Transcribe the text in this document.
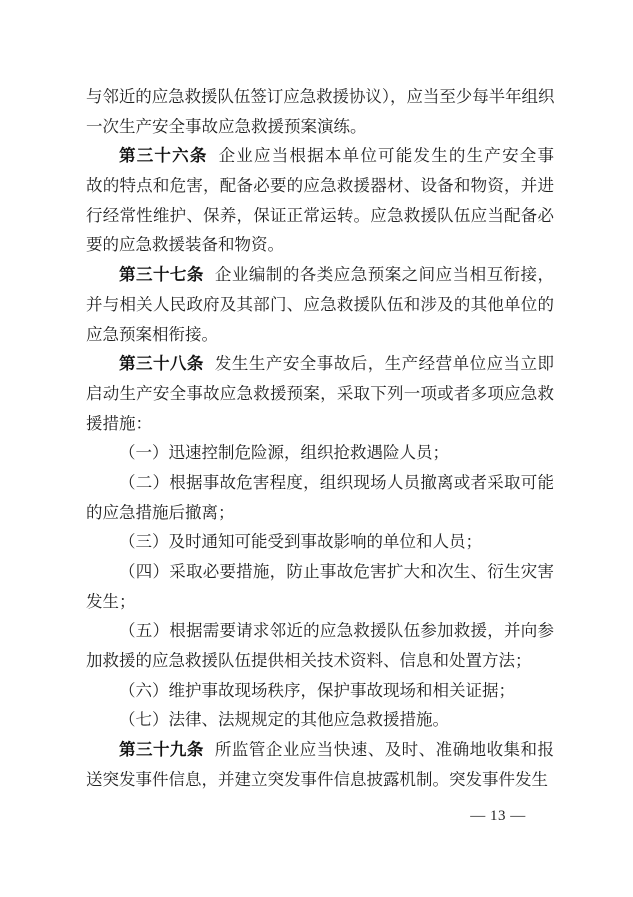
与邻近的应急救援队伍签订应急救援协议），应当至少每半年组织
一次生产安全事故应急救援预案演练。
第三十六条 企业应当根据本单位可能发生的生产安全事
故的特点和危害，配备必要的应急救援器材、设备和物资，并进
行经常性维护、保养，保证正常运转。应急救援队伍应当配备必
要的应急救援装备和物资。
第三十七条 企业编制的各类应急预案之间应当相互衔接，
并与相关人民政府及其部门、应急救援队伍和涉及的其他单位的
应急预案相衔接。
第三十八条 发生生产安全事故后，生产经营单位应当立即
启动生产安全事故应急救援预案，采取下列一项或者多项应急救
援措施：
（一）迅速控制危险源，组织抢救遇险人员；
（二）根据事故危害程度，组织现场人员撤离或者采取可能
的应急措施后撤离；
（三）及时通知可能受到事故影响的单位和人员；
（四）采取必要措施，防止事故危害扩大和次生、衍生灾害
发生；
（五）根据需要请求邻近的应急救援队伍参加救援，并向参
加救援的应急救援队伍提供相关技术资料、信息和处置方法；
（六）维护事故现场秩序，保护事故现场和相关证据；
（七）法律、法规规定的其他应急救援措施。
第三十九条 所监管企业应当快速、及时、准确地收集和报
送突发事件信息，并建立突发事件信息披露机制。突发事件发生
— 13 —
